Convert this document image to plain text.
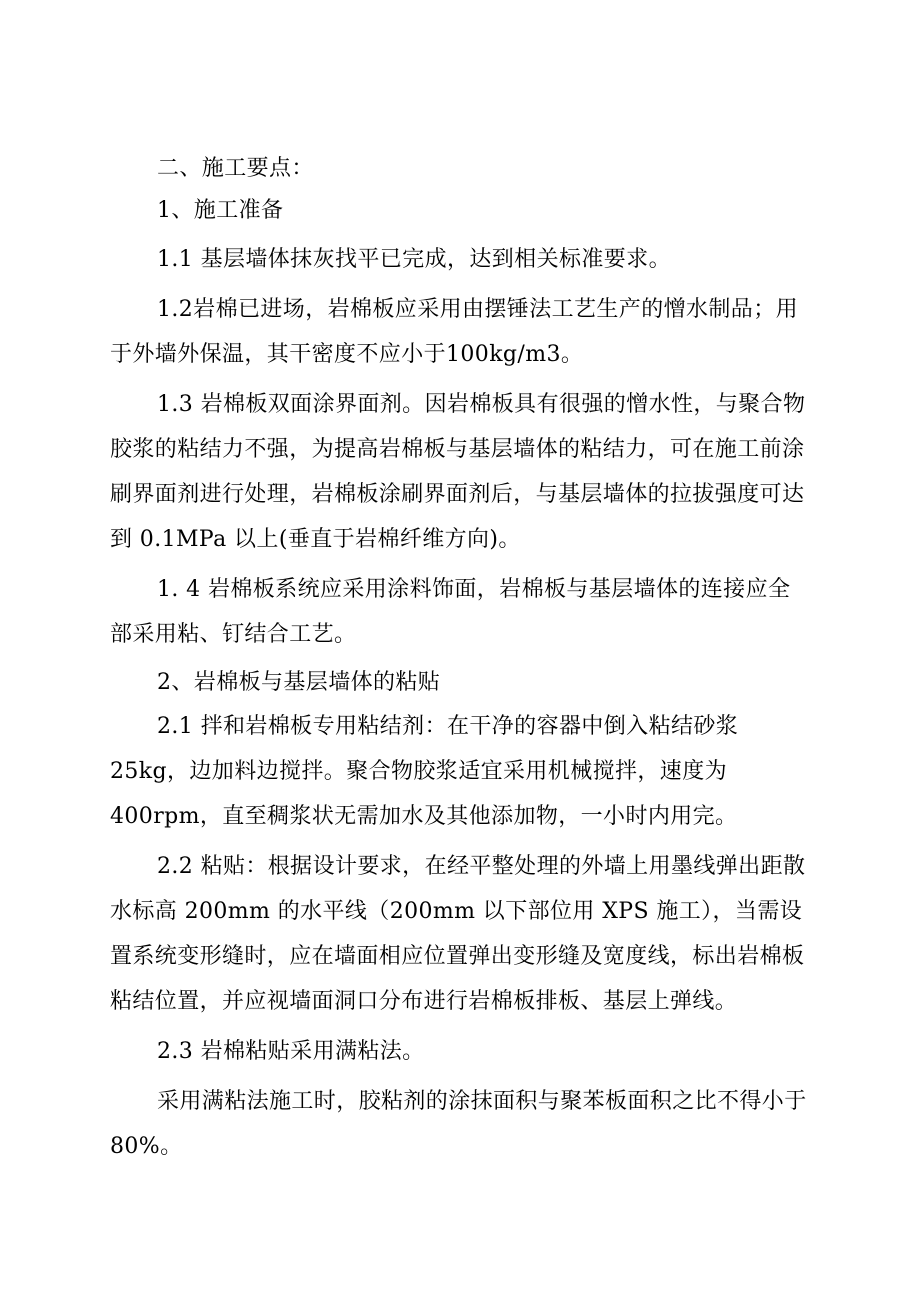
二、施工要点：

1、施工准备

1.1 基层墙体抹灰找平已完成，达到相关标准要求。

1.2岩棉已进场，岩棉板应采用由摆锤法工艺生产的憎水制品；用于外墙外保温，其干密度不应小于100kg/m3。

1.3 岩棉板双面涂界面剂。因岩棉板具有很强的憎水性，与聚合物胶浆的粘结力不强，为提高岩棉板与基层墙体的粘结力，可在施工前涂刷界面剂进行处理，岩棉板涂刷界面剂后，与基层墙体的拉拔强度可达到 0.1MPa 以上(垂直于岩棉纤维方向)。

1. 4 岩棉板系统应采用涂料饰面，岩棉板与基层墙体的连接应全部采用粘、钉结合工艺。

2、岩棉板与基层墙体的粘贴

2.1 拌和岩棉板专用粘结剂：在干净的容器中倒入粘结砂浆 25kg，边加料边搅拌。聚合物胶浆适宜采用机械搅拌，速度为 400rpm，直至稠浆状无需加水及其他添加物，一小时内用完。

2.2 粘贴：根据设计要求，在经平整处理的外墙上用墨线弹出距散水标高 200mm 的水平线（200mm 以下部位用 XPS 施工），当需设置系统变形缝时，应在墙面相应位置弹出变形缝及宽度线，标出岩棉板粘结位置，并应视墙面洞口分布进行岩棉板排板、基层上弹线。

2.3 岩棉粘贴采用满粘法。

采用满粘法施工时，胶粘剂的涂抹面积与聚苯板面积之比不得小于 80%。
